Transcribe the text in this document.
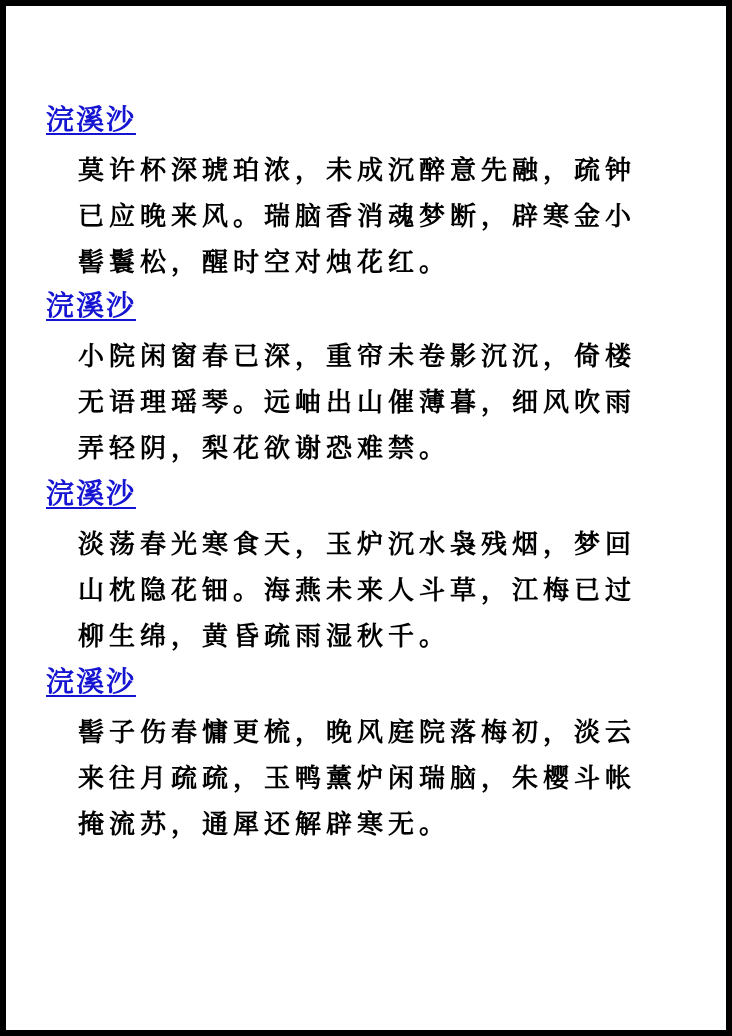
浣溪沙
莫许杯深琥珀浓，未成沉醉意先融，疏钟
已应晚来风。瑞脑香消魂梦断，辟寒金小
髻鬟松，醒时空对烛花红。
浣溪沙
小院闲窗春已深，重帘未卷影沉沉，倚楼
无语理瑶琴。远岫出山催薄暮，细风吹雨
弄轻阴，梨花欲谢恐难禁。
浣溪沙
淡荡春光寒食天，玉炉沉水袅残烟，梦回
山枕隐花钿。海燕未来人斗草，江梅已过
柳生绵，黄昏疏雨湿秋千。
浣溪沙
髻子伤春慵更梳，晚风庭院落梅初，淡云
来往月疏疏，玉鸭薰炉闲瑞脑，朱樱斗帐
掩流苏，通犀还解辟寒无。
